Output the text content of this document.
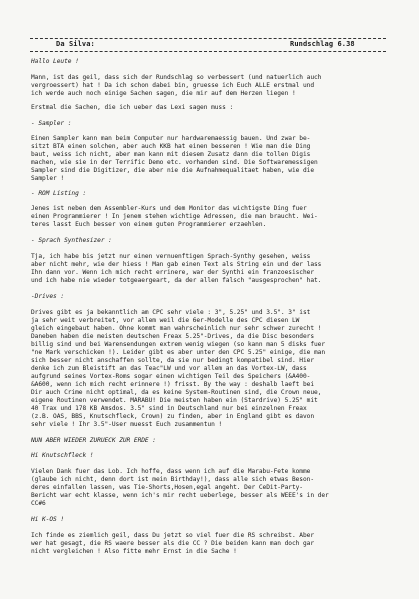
Da Silva:	Rundschlag 6.38
Hallo Leute !
Mann, ist das geil, dass sich der Rundschlag so verbessert (und natuerlich auch
vergroessert) hat ! Da ich schon dabei bin, gruesse ich Euch ALLE erstmal und
ich werde auch noch einige Sachen sagen, die mir auf dem Herzen liegen !
Erstmal die Sachen, die ich ueber das Lexi sagen muss :
- Sampler :
Einen Sampler kann man beim Computer nur hardwaremaessig bauen. Und zwar be-
sitzt BTA einen solchen, aber auch KKB hat einen besseren ! Wie man die Ding
baut, weiss ich nicht, aber man kann mit diesem Zusatz dann die tollen Digis
machen, wie sie in der Terrific Demo etc. vorhanden sind. Die Softwaremessigen
Sampler sind die Digitizer, die aber nie die Aufnahmequalitaet haben, wie die
Sampler !
- ROM Listing :
Jenes ist neben dem Assembler-Kurs und dem Monitor das wichtigste Ding fuer
einen Programmierer ! In jenem stehen wichtige Adressen, die man braucht. Wei-
teres lasst Euch besser von einem guten Programmierer erzaehlen.
- Sprach Synthesizer :
Tja, ich habe bis jetzt nur einen vernuenftigen Sprach-Synthy gesehen, weiss
aber nicht mehr, wie der hiess ! Man gab einen Text als String ein und der lass
Ihn dann vor. Wenn ich mich recht errinere, war der Synthi ein franzoesischer
und ich habe nie wieder totgeaergeart, da der allen falsch "ausgesprochen" hat.
-Drives :
Drives gibt es ja bekanntlich am CPC sehr viele : 3", 5.25" und 3.5". 3" ist
ja sehr weit verbreitet, vor allem weil die 6er-Modelle des CPC diesen LW
gleich eingebaut haben. Ohne kommt man wahrscheinlich nur sehr schwer zurecht !
Daneben haben die meisten deutschen Freax 5.25"-Drives, da die Disc besonders
billig sind und bei Warensendungen extrem wenig wiegen (so kann man 5 disks fuer
"ne Mark verschicken !). Leider gibt es aber unter den CPC 5.25" einige, die man
sich besser nicht anschaffen sollte, da sie nur bedingt kompatibel sind. Hier
denke ich zum Bleistift an das Teac"LW und vor allem an das Vortex-LW, dass
aufgrund seines Vortex-Roms sogar einen wichtigen Teil des Speichers (&A400-
&A600, wenn ich mich recht erinnere !) frisst. By the way : deshalb laeft bei
Dir auch Crime nicht optimal, da es keine System-Routinen sind, die Crown neue,
eigene Routinen verwendet. MARABU! Die meisten haben ein (Stardrive) 5.25" mit
40 Trax und 178 KB Amsdos. 3.5" sind in Deutschland nur bei einzelnen Freax
(z.B. OAS, BBS, Knutschfleck, Crown) zu finden, aber in England gibt es davon
sehr viele ! Ihr 3.5"-User muesst Euch zusammentun !
NUN ABER WIEDER ZURUECK ZUR ERDE :
Hi Knutschfleck !
Vielen Dank fuer das Lob. Ich hoffe, dass wenn ich auf die Marabu-Fete komme
(glaube ich nicht, denn dort ist mein Birthday!), dass alle sich etwas Beson-
deres einfallen lassen, was Tie-Shorts,Hosen,egal angeht. Der CeDit-Party-
Bericht war echt klasse, wenn ich's mir recht ueberlege, besser als WEEE's in der
CC#6
Hi K-OS !
Ich finde es ziemlich geil, dass Du jetzt so viel fuer die RS schreibst. Aber
wer hat gesagt, die RS waere besser als die CC ? Die beiden kann man doch gar
nicht vergleichen ! Also fitte mehr Ernst in die Sache !
